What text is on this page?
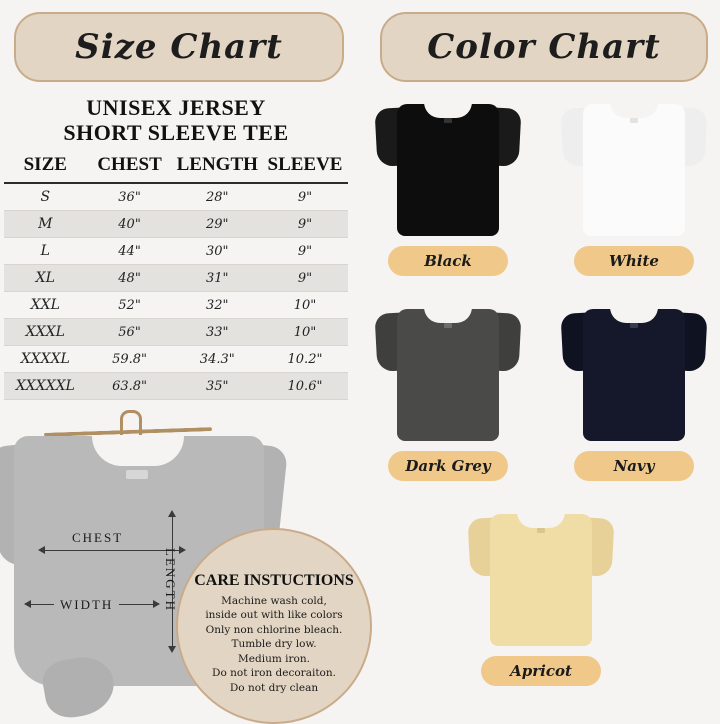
Size Chart	Color Chart
UNISEX JERSEY
SHORT SLEEVE TEE
SIZE	CHEST	LENGTH	SLEEVE
S	36"	28"	9"
M	40"	29"	9"
L	44"	30"	9"
XL	48"	31"	9"
XXL	52"	32"	10"
XXXL	56"	33"	10"
XXXXL	59.8"	34.3"	10.2"
XXXXXL	63.8"	35"	10.6"
CHEST
WIDTH	LENGTH	CARE INSTUCTIONS
Machine wash cold,
inside out with like colors
Only non chlorine bleach.
Tumble dry low.
Medium iron.
Do not iron decoraiton.
Do not dry clean
Black	White
Dark Grey	Navy
Apricot
